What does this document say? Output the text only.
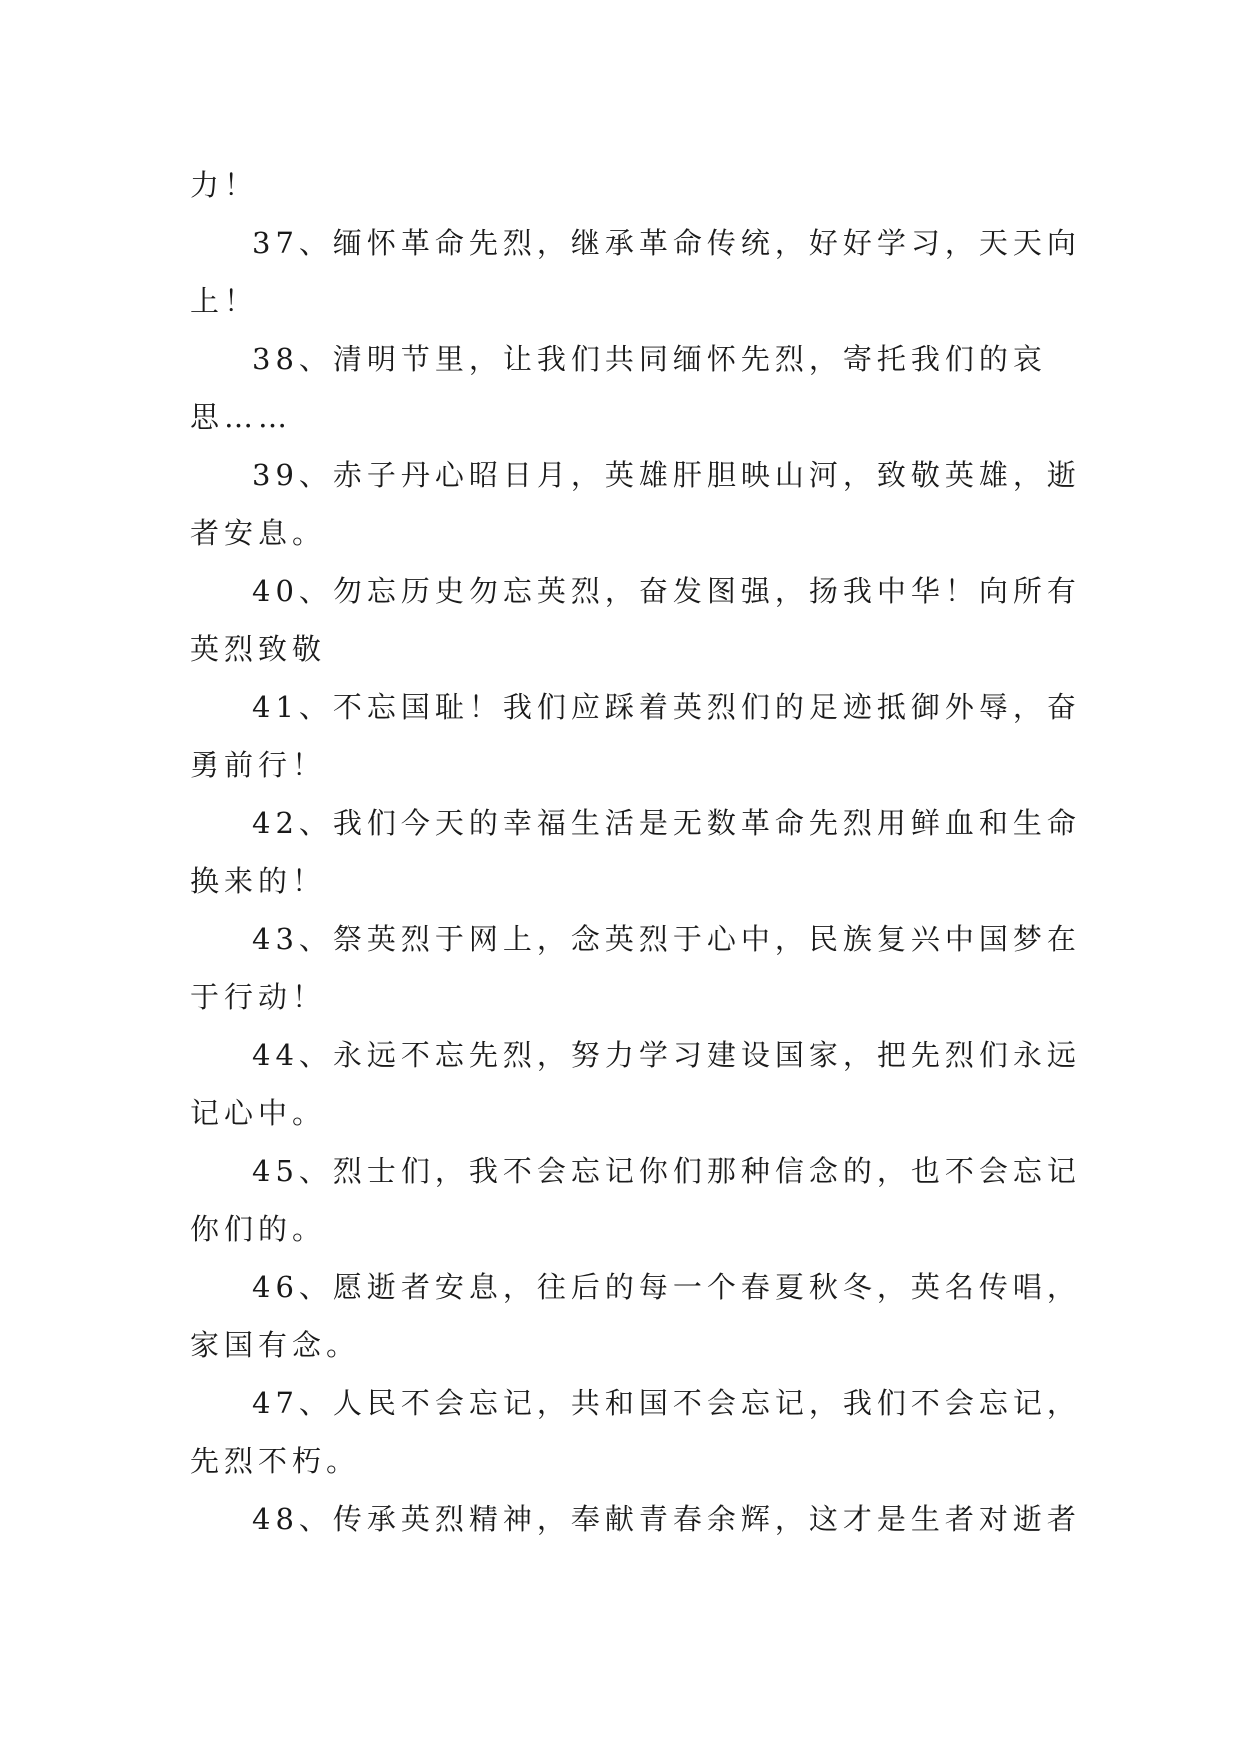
力！
37、缅怀革命先烈，继承革命传统，好好学习，天天向
上！
38、清明节里，让我们共同缅怀先烈，寄托我们的哀
思……
39、赤子丹心昭日月，英雄肝胆映山河，致敬英雄，逝
者安息。
40、勿忘历史勿忘英烈，奋发图强，扬我中华！向所有
英烈致敬
41、不忘国耻！我们应踩着英烈们的足迹抵御外辱，奋
勇前行！
42、我们今天的幸福生活是无数革命先烈用鲜血和生命
换来的！
43、祭英烈于网上，念英烈于心中，民族复兴中国梦在
于行动！
44、永远不忘先烈，努力学习建设国家，把先烈们永远
记心中。
45、烈士们，我不会忘记你们那种信念的，也不会忘记
你们的。
46、愿逝者安息，往后的每一个春夏秋冬，英名传唱，
家国有念。
47、人民不会忘记，共和国不会忘记，我们不会忘记，
先烈不朽。
48、传承英烈精神，奉献青春余辉，这才是生者对逝者
